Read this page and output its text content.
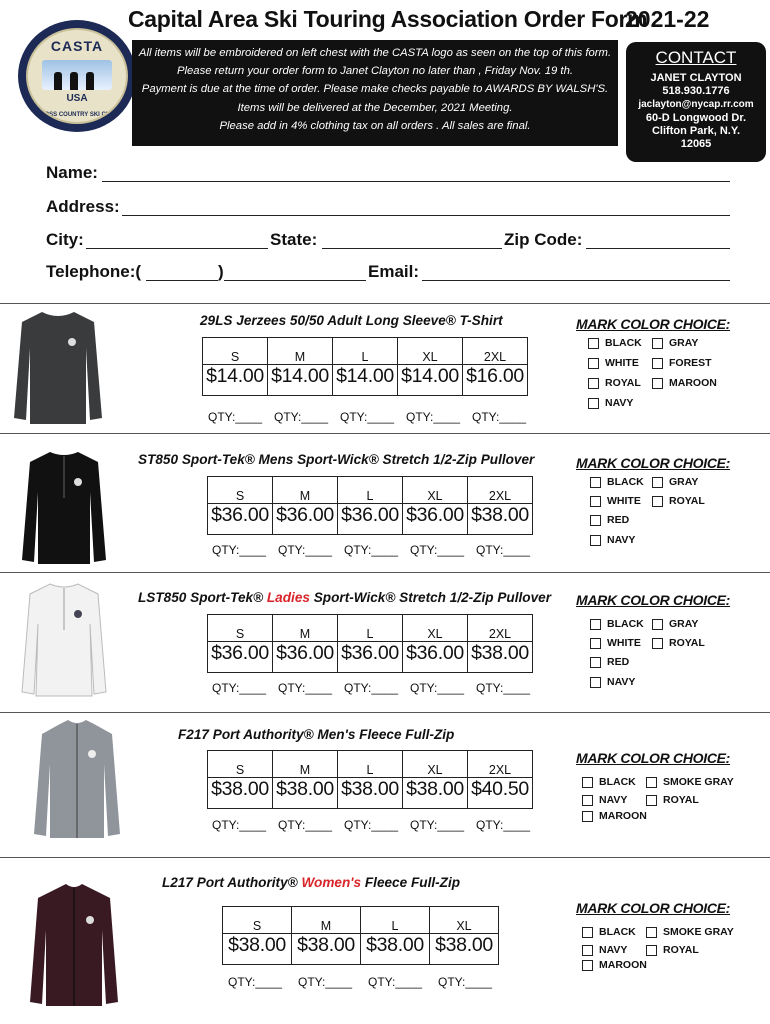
CASTA
USA
CROSS COUNTRY SKI CLUB
Capital Area Ski Touring Association Order Form
2021-22
All items will be embroidered on left chest with the CASTA logo as seen on the top of this form.
Please return your order form to Janet Clayton no later than , Friday Nov. 19 th.
Payment is due at the time of order. Please make checks payable to AWARDS BY WALSH'S.
Items will be delivered at the December, 2021 Meeting.
Please add in 4% clothing tax on all orders . All sales are final.
CONTACT
JANET CLAYTON
518.930.1776
jaclayton@nycap.rr.com
60-D Longwood Dr.
Clifton Park, N.Y.
12065
Name:
Address:
City:	State:	Zip Code:
Telephone:(	)	Email:
29LS Jerzees 50/50 Adult Long Sleeve® T-Shirt
S	M	L	XL	2XL
$14.00	$14.00	$14.00	$14.00	$16.00
QTY:____ QTY:____ QTY:____ QTY:____ QTY:____
MARK COLOR CHOICE:
BLACK	GRAY
WHITE	FOREST
ROYAL	MAROON
NAVY
ST850 Sport-Tek® Mens Sport-Wick® Stretch 1/2-Zip Pullover
S	M	L	XL	2XL
$36.00	$36.00	$36.00	$36.00	$38.00
QTY:____ QTY:____ QTY:____ QTY:____ QTY:____
MARK COLOR CHOICE:
BLACK GRAY
WHITE	ROYAL
RED
NAVY
LST850 Sport-Tek® Ladies Sport-Wick® Stretch 1/2-Zip Pullover
S	M	L	XL	2XL
$36.00	$36.00	$36.00	$36.00	$38.00
QTY:____ QTY:____ QTY:____ QTY:____ QTY:____
MARK COLOR CHOICE:
BLACK GRAY
WHITE	ROYAL
RED
NAVY
F217 Port Authority® Men's Fleece Full-Zip
S	M	L	XL	2XL
$38.00	$38.00	$38.00	$38.00	$40.50
QTY:____ QTY:____ QTY:____ QTY:____ QTY:____
MARK COLOR CHOICE:
BLACK	SMOKE GRAY
NAVY	ROYAL
MAROON
L217 Port Authority® Women's Fleece Full-Zip
S	M	L	XL
$38.00	$38.00	$38.00	$38.00
QTY:____	QTY:____	QTY:____	QTY:____
MARK COLOR CHOICE:
BLACK	SMOKE GRAY
NAVY	ROYAL
MAROON
